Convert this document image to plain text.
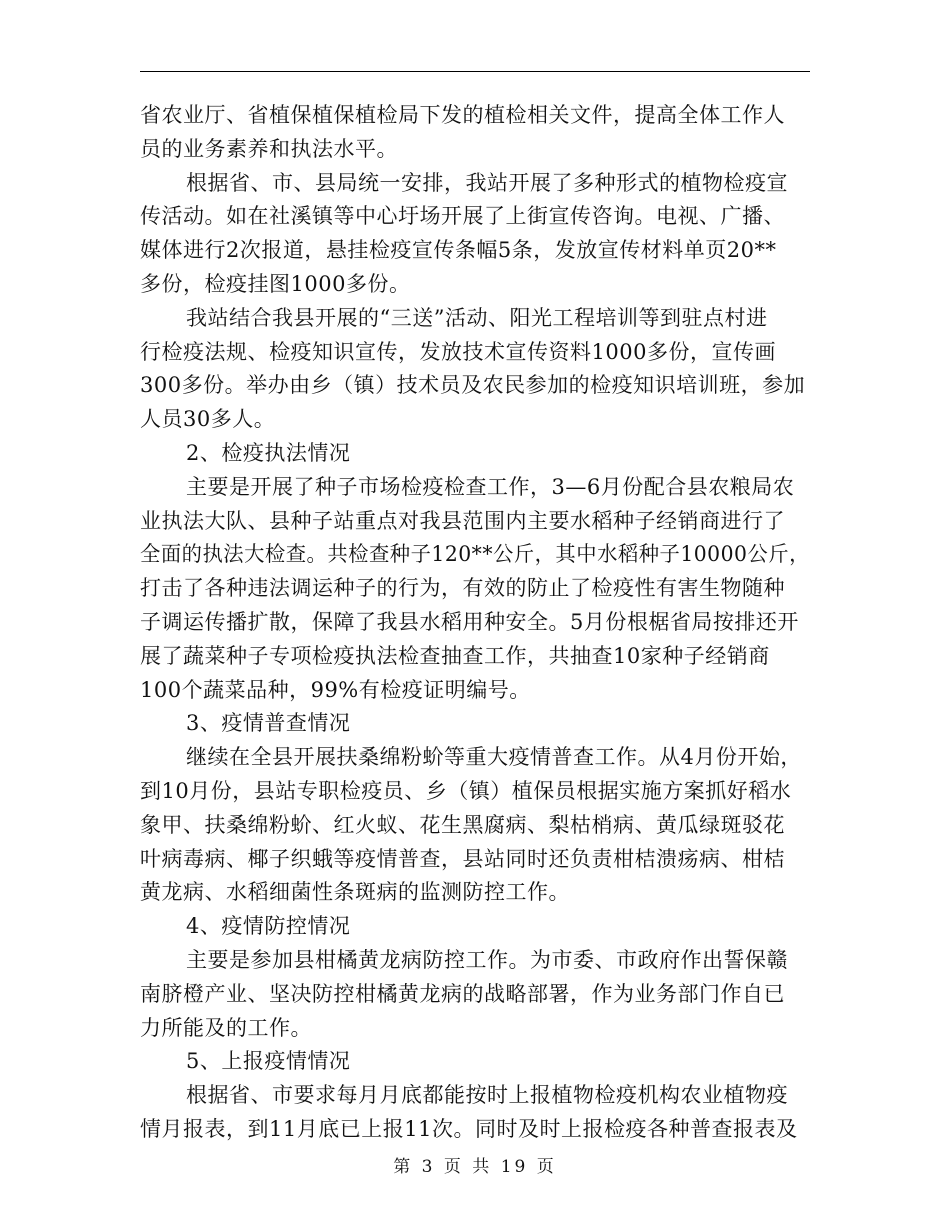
省农业厅、省植保植保植检局下发的植检相关文件，提高全体工作人
员的业务素养和执法水平。
根据省、市、县局统一安排，我站开展了多种形式的植物检疫宣
传活动。如在社溪镇等中心圩场开展了上街宣传咨询。电视、广播、
媒体进行2次报道，悬挂检疫宣传条幅5条，发放宣传材料单页20**
多份，检疫挂图1000多份。
我站结合我县开展的“三送”活动、阳光工程培训等到驻点村进
行检疫法规、检疫知识宣传，发放技术宣传资料1000多份，宣传画
300多份。举办由乡（镇）技术员及农民参加的检疫知识培训班，参加
人员30多人。
2、检疫执法情况
主要是开展了种子市场检疫检查工作，3—6月份配合县农粮局农
业执法大队、县种子站重点对我县范围内主要水稻种子经销商进行了
全面的执法大检查。共检查种子120**公斤，其中水稻种子10000公斤，
打击了各种违法调运种子的行为，有效的防止了检疫性有害生物随种
子调运传播扩散，保障了我县水稻用种安全。5月份根椐省局按排还开
展了蔬菜种子专项检疫执法检查抽查工作，共抽查10家种子经销商
100个蔬菜品种，99%有检疫证明编号。
3、疫情普查情况
继续在全县开展扶桑绵粉蚧等重大疫情普查工作。从4月份开始，
到10月份，县站专职检疫员、乡（镇）植保员根据实施方案抓好稻水
象甲、扶桑绵粉蚧、红火蚁、花生黑腐病、梨枯梢病、黄瓜绿斑驳花
叶病毒病、椰子织蛾等疫情普查，县站同时还负责柑桔溃疡病、柑桔
黄龙病、水稻细菌性条斑病的监测防控工作。
4、疫情防控情况
主要是参加县柑橘黄龙病防控工作。为市委、市政府作出誓保赣
南脐橙产业、坚决防控柑橘黄龙病的战略部署，作为业务部门作自已
力所能及的工作。
5、上报疫情情况
根据省、市要求每月月底都能按时上报植物检疫机构农业植物疫
情月报表，到11月底已上报11次。同时及时上报检疫各种普查报表及
第 3 页 共 19 页
